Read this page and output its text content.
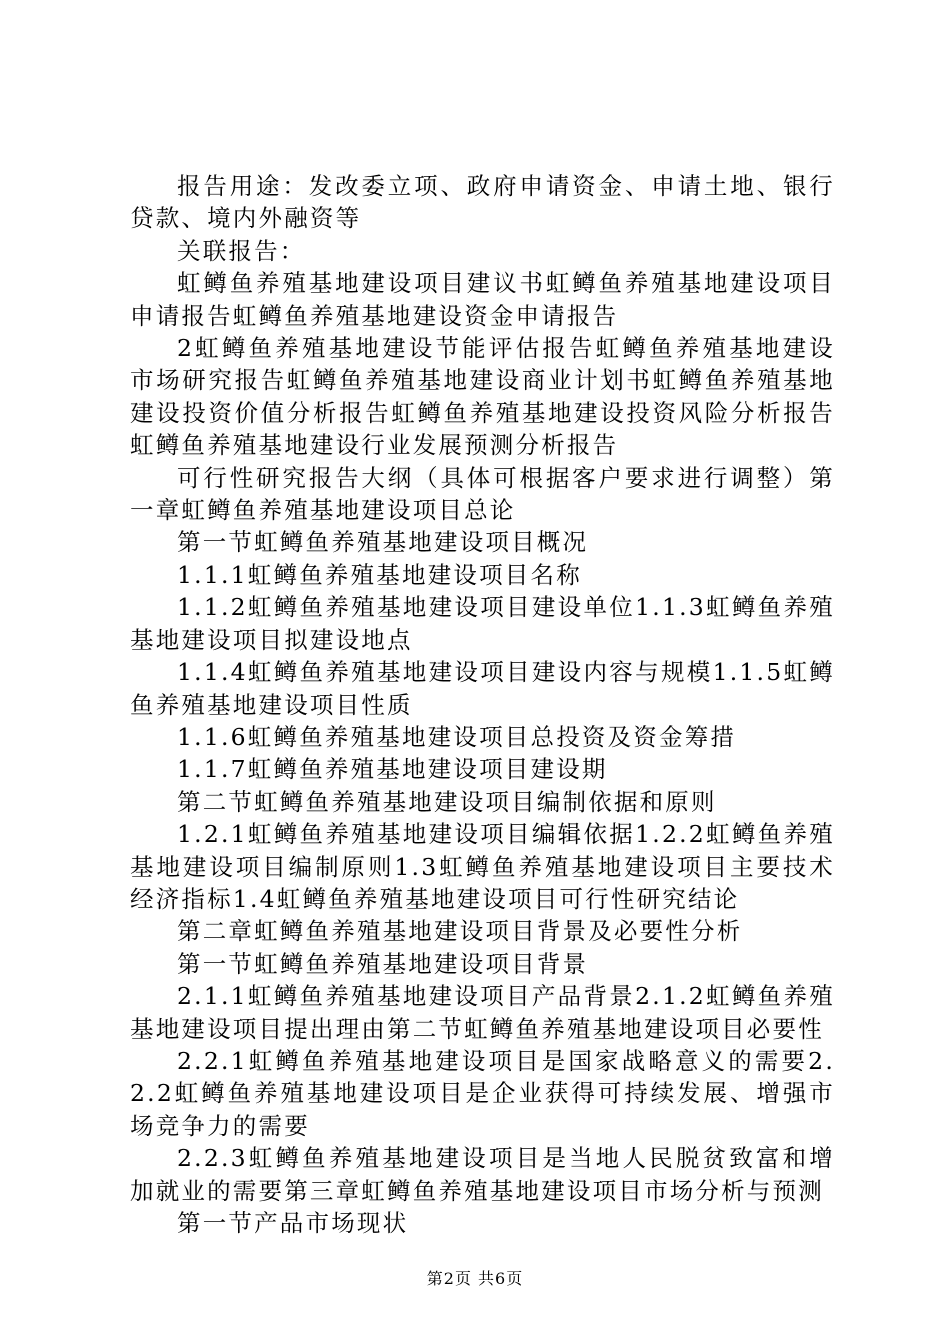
报告用途：发改委立项、政府申请资金、申请土地、银行贷款、境内外融资等

关联报告：

虹鳟鱼养殖基地建设项目建议书虹鳟鱼养殖基地建设项目申请报告虹鳟鱼养殖基地建设资金申请报告

2虹鳟鱼养殖基地建设节能评估报告虹鳟鱼养殖基地建设市场研究报告虹鳟鱼养殖基地建设商业计划书虹鳟鱼养殖基地建设投资价值分析报告虹鳟鱼养殖基地建设投资风险分析报告虹鳟鱼养殖基地建设行业发展预测分析报告

可行性研究报告大纲（具体可根据客户要求进行调整）第一章虹鳟鱼养殖基地建设项目总论

第一节虹鳟鱼养殖基地建设项目概况

1.1.1虹鳟鱼养殖基地建设项目名称

1.1.2虹鳟鱼养殖基地建设项目建设单位1.1.3虹鳟鱼养殖基地建设项目拟建设地点

1.1.4虹鳟鱼养殖基地建设项目建设内容与规模1.1.5虹鳟鱼养殖基地建设项目性质

1.1.6虹鳟鱼养殖基地建设项目总投资及资金筹措

1.1.7虹鳟鱼养殖基地建设项目建设期

第二节虹鳟鱼养殖基地建设项目编制依据和原则

1.2.1虹鳟鱼养殖基地建设项目编辑依据1.2.2虹鳟鱼养殖基地建设项目编制原则1.3虹鳟鱼养殖基地建设项目主要技术经济指标1.4虹鳟鱼养殖基地建设项目可行性研究结论

第二章虹鳟鱼养殖基地建设项目背景及必要性分析

第一节虹鳟鱼养殖基地建设项目背景

2.1.1虹鳟鱼养殖基地建设项目产品背景2.1.2虹鳟鱼养殖基地建设项目提出理由第二节虹鳟鱼养殖基地建设项目必要性

2.2.1虹鳟鱼养殖基地建设项目是国家战略意义的需要2.2.2虹鳟鱼养殖基地建设项目是企业获得可持续发展、增强市场竞争力的需要

2.2.3虹鳟鱼养殖基地建设项目是当地人民脱贫致富和增加就业的需要第三章虹鳟鱼养殖基地建设项目市场分析与预测

第一节产品市场现状

第2页 共6页
